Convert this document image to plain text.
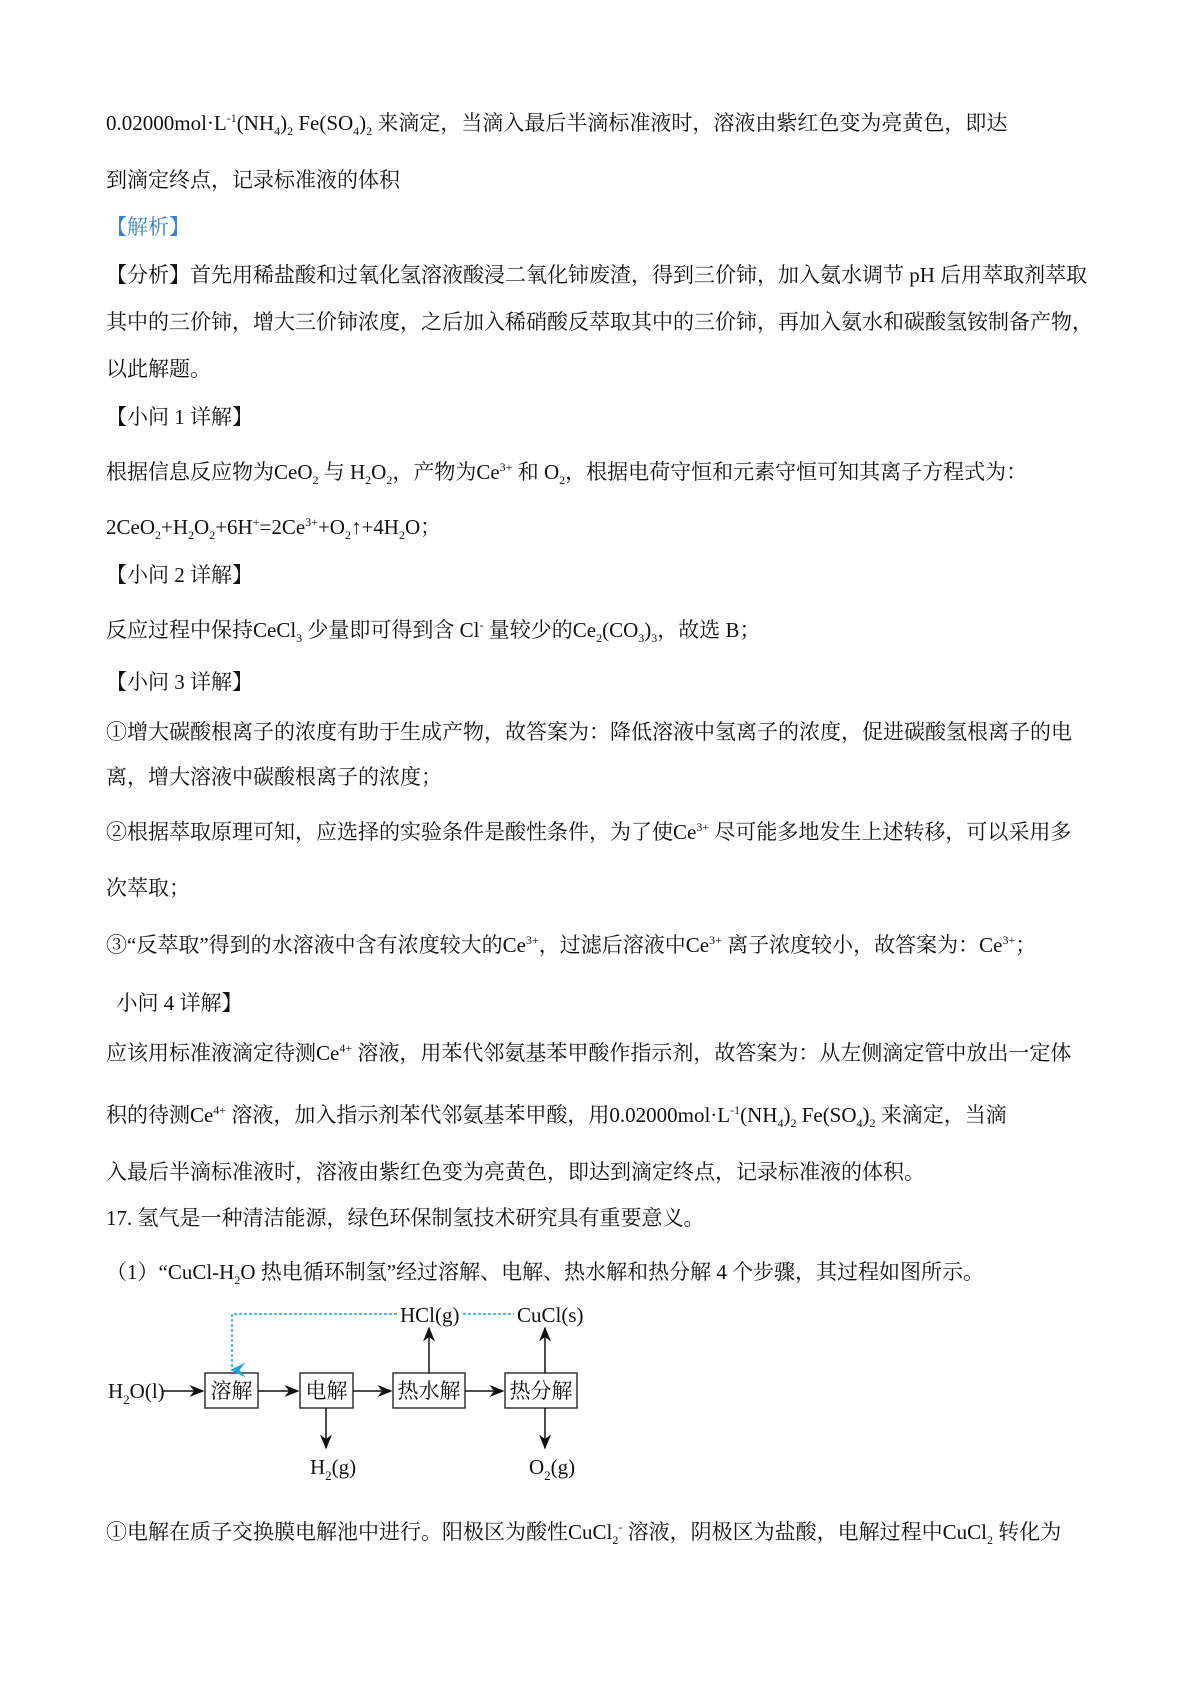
$0.02000mol\cdot L^{-1}(NH_4)_2$ $Fe(SO_4)_2$ 来滴定，当滴入最后半滴标准液时，溶液由紫红色变为亮黄色，即达
到滴定终点，记录标准液的体积
【解析】
【分析】首先用稀盐酸和过氧化氢溶液酸浸二氧化铈废渣，得到三价铈，加入氨水调节 pH 后用萃取剂萃取
其中的三价铈，增大三价铈浓度，之后加入稀硝酸反萃取其中的三价铈，再加入氨水和碳酸氢铵制备产物，
以此解题。
【小问 1 详解】
根据信息反应物为CeO$_2$ 与 $H_2O_2$，产物为$Ce^{3+}$ 和 $O_2$，根据电荷守恒和元素守恒可知其离子方程式为：
$2CeO_2+H_2O_2+6H^+=2Ce^{3+}+O_2↑+4H_2O$；
【小问 2 详解】
反应过程中保持CeCl$_3$ 少量即可得到含 Cl- 量较少的$Ce_2(CO_3)_3$，故选 B；
【小问 3 详解】
①增大碳酸根离子的浓度有助于生成产物，故答案为：降低溶液中氢离子的浓度，促进碳酸氢根离子的电
离，增大溶液中碳酸根离子的浓度；
②根据萃取原理可知，应选择的实验条件是酸性条件，为了使$Ce^{3+}$ 尽可能多地发生上述转移，可以采用多
次萃取；
③“反萃取”得到的水溶液中含有浓度较大的$Ce^{3+}$，过滤后溶液中$Ce^{3+}$ 离子浓度较小，故答案为：$Ce^{3+}$；
小问 4 详解】
应该用标准液滴定待测$Ce^{4+}$ 溶液，用苯代邻氨基苯甲酸作指示剂，故答案为：从左侧滴定管中放出一定体
积的待测$Ce^{4+}$ 溶液，加入指示剂苯代邻氨基苯甲酸，用$0.02000mol\cdot L^{-1}(NH_4)_2$ $Fe(SO_4)_2$ 来滴定，当滴
入最后半滴标准液时，溶液由紫红色变为亮黄色，即达到滴定终点，记录标准液的体积。
17. 氢气是一种清洁能源，绿色环保制氢技术研究具有重要意义。
$(1)“CuCl-H_2O$ 热电循环制氢”经过溶解、电解、热水解和热分解 4 个步骤，其过程如图所示。
①电解在质子交换膜电解池中进行。阳极区为酸性CuCl$_2$- 溶液，阴极区为盐酸，电解过程中CuCl$_2$ 转化为
$H_2O(l)$ 溶解	电解 热水解 热分解
HCl(g)	CuCl(s)
$H_2(g)$	$O_2(g)$
